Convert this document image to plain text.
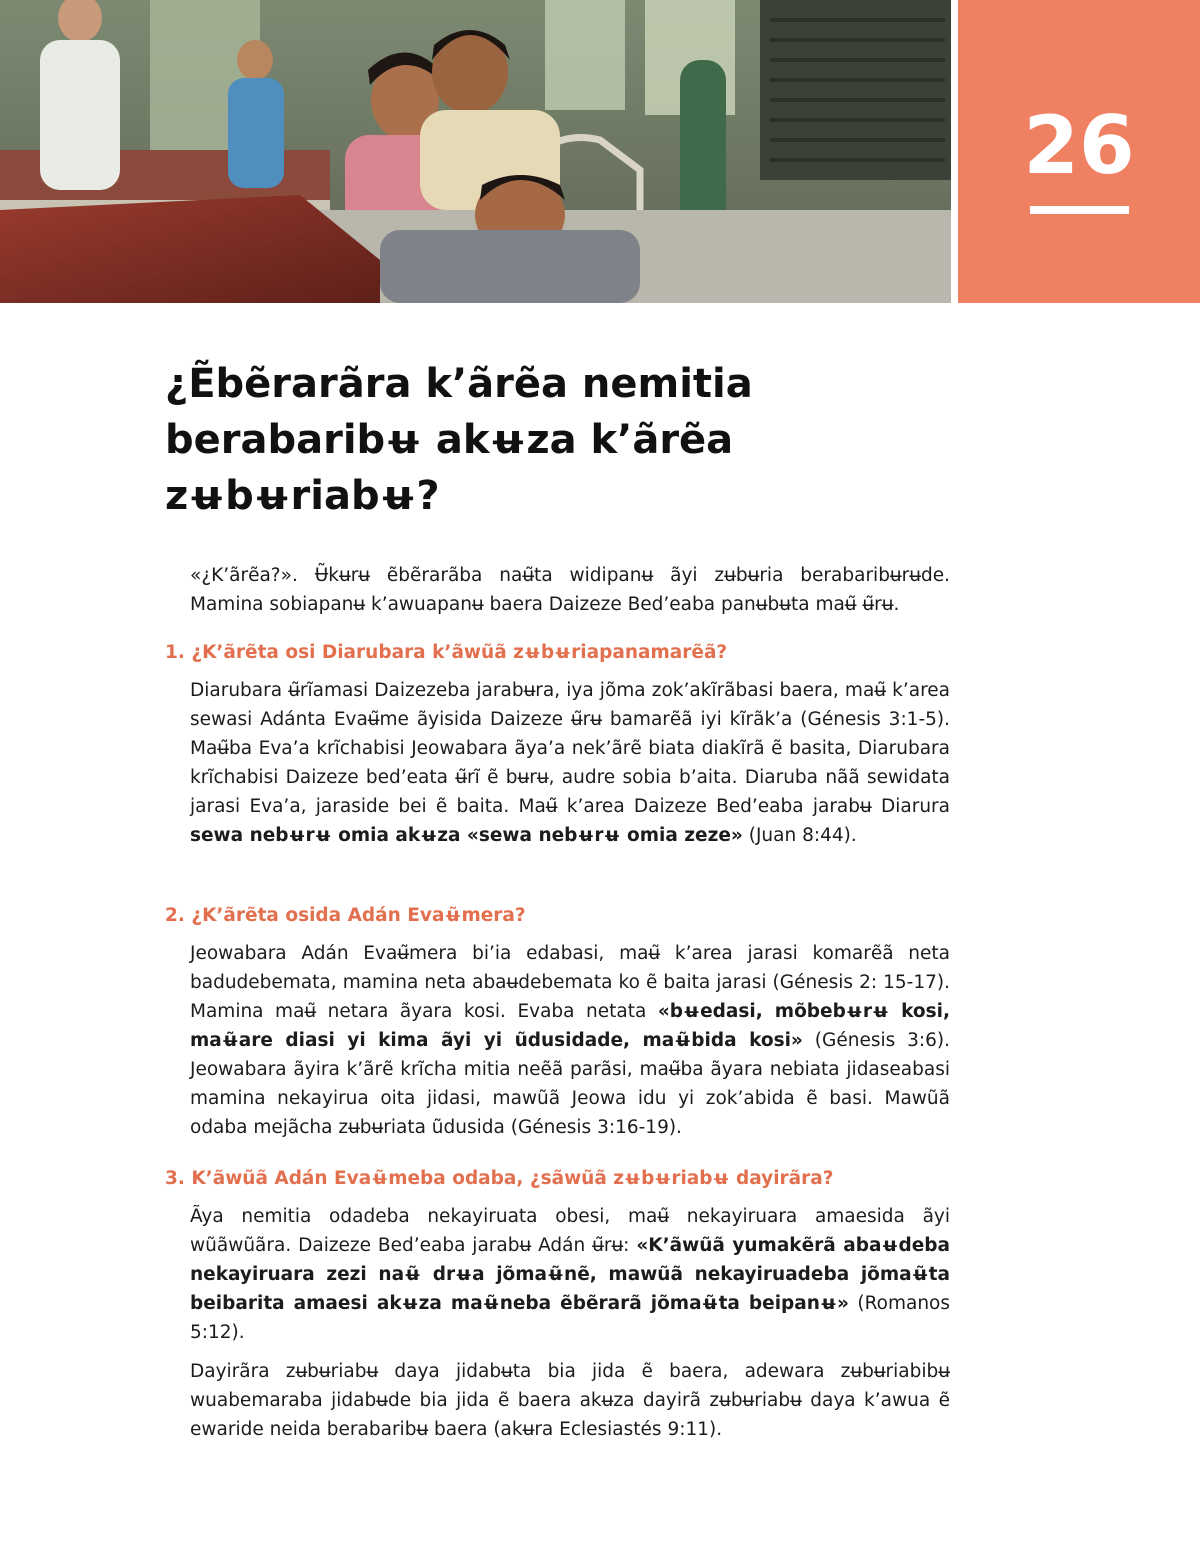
26
¿Ẽbẽrarãra k’ãrẽa nemitia berabaribʉ akʉza k’ãrẽa zʉbʉriabʉ?

«¿K’ãrẽa?». Ʉ̃kʉrʉ ẽbẽrarãba naʉ̃ta widipanʉ ãyi zʉbʉria berabaribʉrʉde. Mamina sobiapanʉ k’awuapanʉ baera Daizeze Bed’eaba panʉbʉta maʉ̃ ʉ̃rʉ.

1. ¿K’ãrẽta osi Diarubara k’ãwũã zʉbʉriapanamarẽã?

Diarubara ʉ̃rĩamasi Daizezeba jarabʉra, iya jõma zok’akĩrãbasi baera, maʉ̃ k’area sewasi Adánta Evaʉ̃me ãyisida Daizeze ʉ̃rʉ bamarẽã iyi kĩrãk’a (Génesis 3:1-5). Maʉ̃ba Eva’a krĩchabisi Jeowabara ãya’a nek’ãrẽ biata diakĩrã ẽ basita, Diarubara krĩchabisi Daizeze bed’eata ʉ̃rĩ ẽ bʉrʉ, audre sobia b’aita. Diaruba nãã sewidata jarasi Eva’a, jaraside bei ẽ baita. Maʉ̃ k’area Daizeze Bed’eaba jarabʉ Diarura sewa nebʉrʉ omia akʉza «sewa nebʉrʉ omia zeze» (Juan 8:44).

2. ¿K’ãrẽta osida Adán Evaʉ̃mera?

Jeowabara Adán Evaʉ̃mera bi’ia edabasi, maʉ̃ k’area jarasi komarẽã neta badudebemata, mamina neta abaʉdebemata ko ẽ baita jarasi (Génesis 2: 15-17). Mamina maʉ̃ netara ãyara kosi. Evaba netata «bʉedasi, mõbebʉrʉ kosi, maʉ̃are diasi yi kima ãyi yi ũdusidade, maʉ̃bida kosi» (Génesis 3:6). Jeowabara ãyira k’ãrẽ krĩcha mitia neẽã parãsi, maʉ̃ba ãyara nebiata jidaseabasi mamina nekayirua oita jidasi, mawũã Jeowa idu yi zok’abida ẽ basi. Mawũã odaba mejãcha zʉbʉriata ũdusida (Génesis 3:16-19).

3. K’ãwũã Adán Evaʉ̃meba odaba, ¿sãwũã zʉbʉriabʉ dayirãra?

Ãya nemitia odadeba nekayiruata obesi, maʉ̃ nekayiruara amaesida ãyi wũãwũãra. Daizeze Bed’eaba jarabʉ Adán ʉ̃rʉ: «K’ãwũã yumakẽrã abaʉdeba nekayiruara zezi naʉ̃ drʉa jõmaʉ̃nẽ, mawũã nekayiruadeba jõmaʉ̃ta beibarita amaesi akʉza maʉ̃neba ẽbẽrarã jõmaʉ̃ta beipanʉ» (Romanos 5:12).

Dayirãra zʉbʉriabʉ daya jidabʉta bia jida ẽ baera, adewara zʉbʉriabibʉ wuabemaraba jidabʉde bia jida ẽ baera akʉza dayirã zʉbʉriabʉ daya k’awua ẽ ewaride neida berabaribʉ baera (akʉra Eclesiastés 9:11).
